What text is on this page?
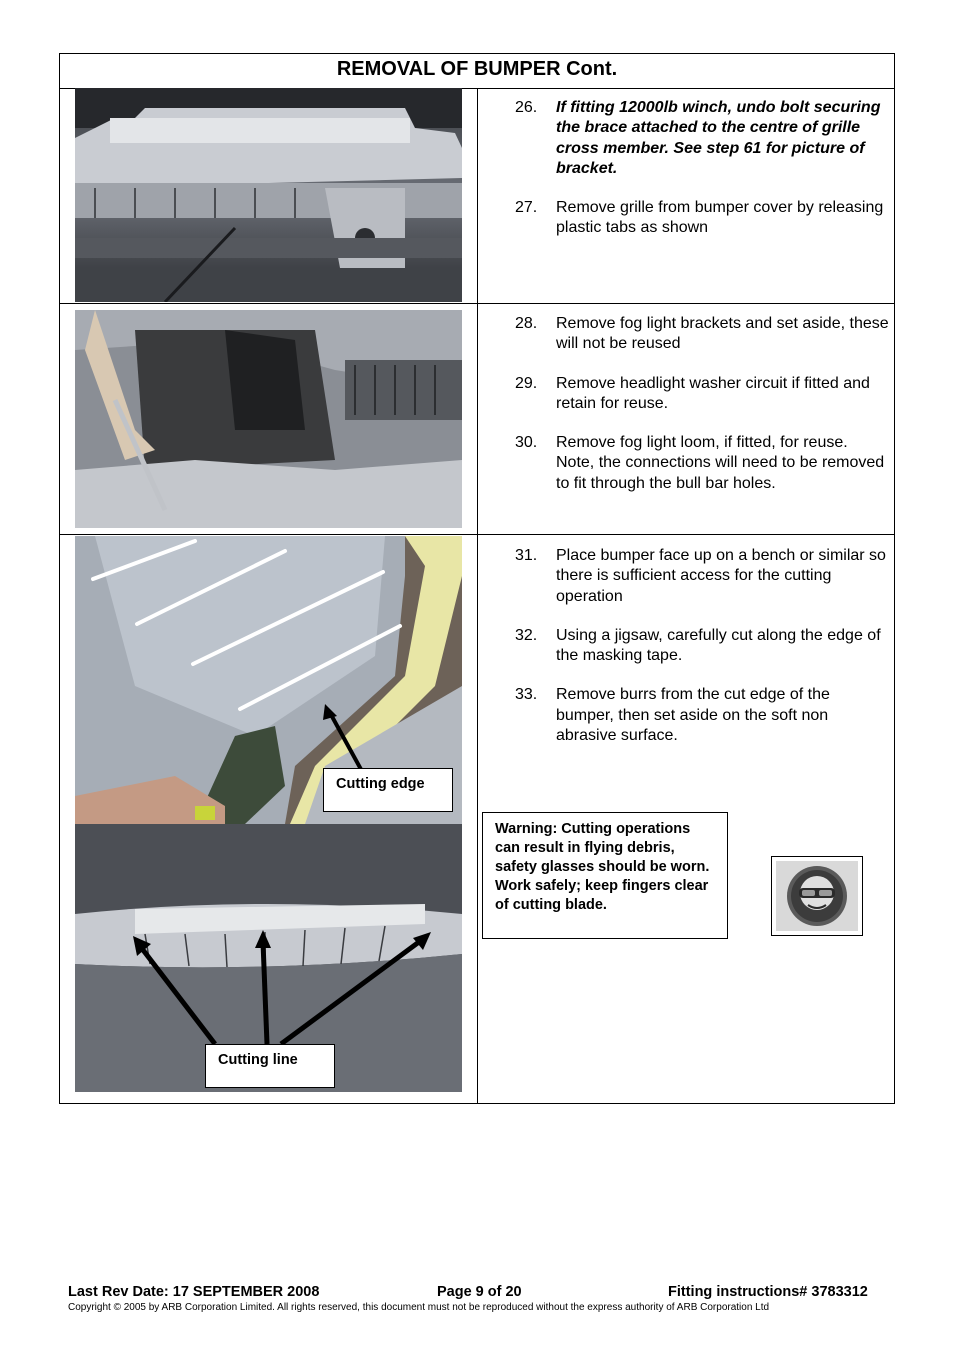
REMOVAL OF BUMPER Cont.
Cutting edge
Cutting line
26. If fitting 12000lb winch, undo bolt securing the brace attached to the centre of grille cross member. See step 61 for picture of bracket.
27. Remove grille from bumper cover by releasing plastic tabs as shown
28. Remove fog light brackets and set aside, these will not be reused
29. Remove headlight washer circuit if fitted and retain for reuse.
30. Remove fog light loom, if fitted, for reuse. Note, the connections will need to be removed to fit through the bull bar holes.
31. Place bumper face up on a bench or similar so there is sufficient access for the cutting operation
32. Using a jigsaw, carefully cut along the edge of the masking tape.
33. Remove burrs from the cut edge of the bumper, then set aside on the soft non abrasive surface.
Warning: Cutting operations can result in flying debris, safety glasses should be worn. Work safely; keep fingers clear of cutting blade.
Last Rev Date: 17 SEPTEMBER 2008	Page 9 of 20	Fitting instructions# 3783312
Copyright © 2005 by ARB Corporation Limited. All rights reserved, this document must not be reproduced without the express authority of ARB Corporation Ltd
